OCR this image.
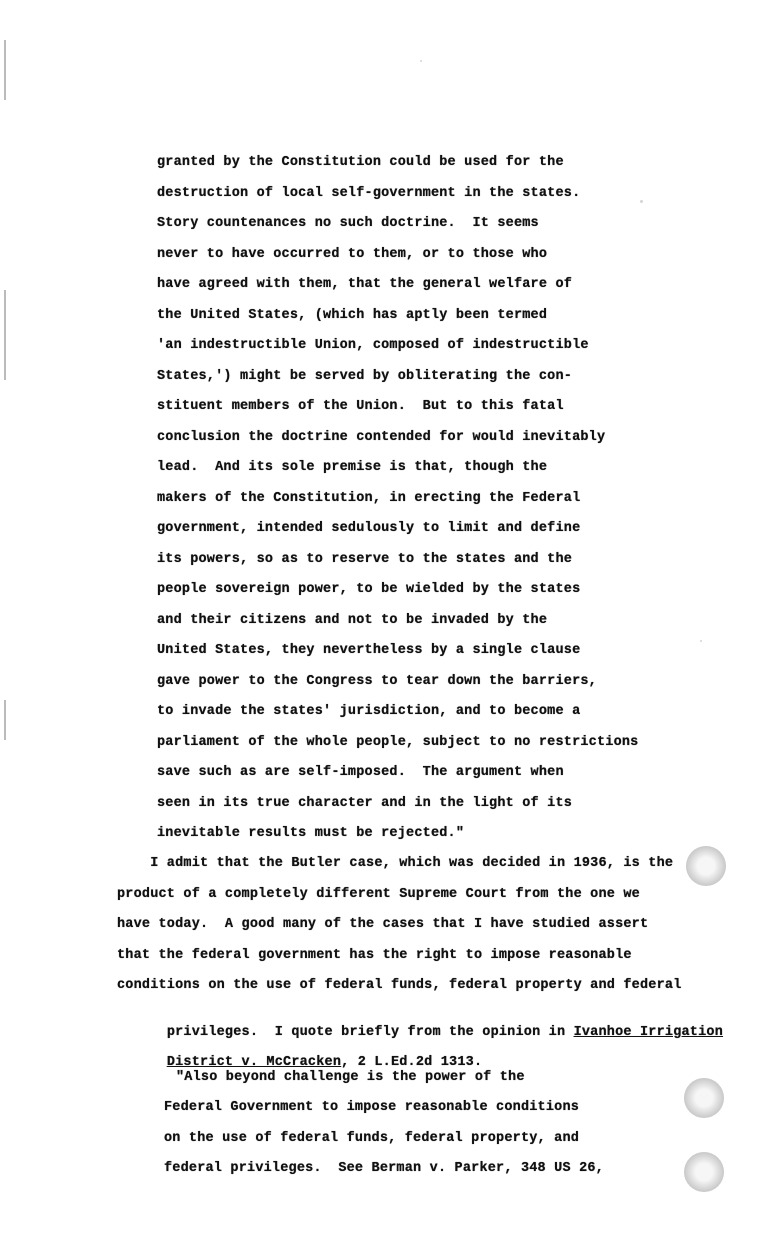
granted by the Constitution could be used for the
destruction of local self-government in the states.
Story countenances no such doctrine.  It seems
never to have occurred to them, or to those who
have agreed with them, that the general welfare of
the United States, (which has aptly been termed
'an indestructible Union, composed of indestructible
States,') might be served by obliterating the con-
stituent members of the Union.  But to this fatal
conclusion the doctrine contended for would inevitably
lead.  And its sole premise is that, though the
makers of the Constitution, in erecting the Federal
government, intended sedulously to limit and define
its powers, so as to reserve to the states and the
people sovereign power, to be wielded by the states
and their citizens and not to be invaded by the
United States, they nevertheless by a single clause
gave power to the Congress to tear down the barriers,
to invade the states' jurisdiction, and to become a
parliament of the whole people, subject to no restrictions
save such as are self-imposed.  The argument when
seen in its true character and in the light of its
inevitable results must be rejected."
I admit that the Butler case, which was decided in 1936, is the
product of a completely different Supreme Court from the one we
have today.  A good many of the cases that I have studied assert
that the federal government has the right to impose reasonable
conditions on the use of federal funds, federal property and federal

privileges.  I quote briefly from the opinion in Ivanhoe Irrigation

District v. McCracken, 2 L.Ed.2d 1313.

"Also beyond challenge is the power of the
Federal Government to impose reasonable conditions
on the use of federal funds, federal property, and
federal privileges.  See Berman v. Parker, 348 US 26,
